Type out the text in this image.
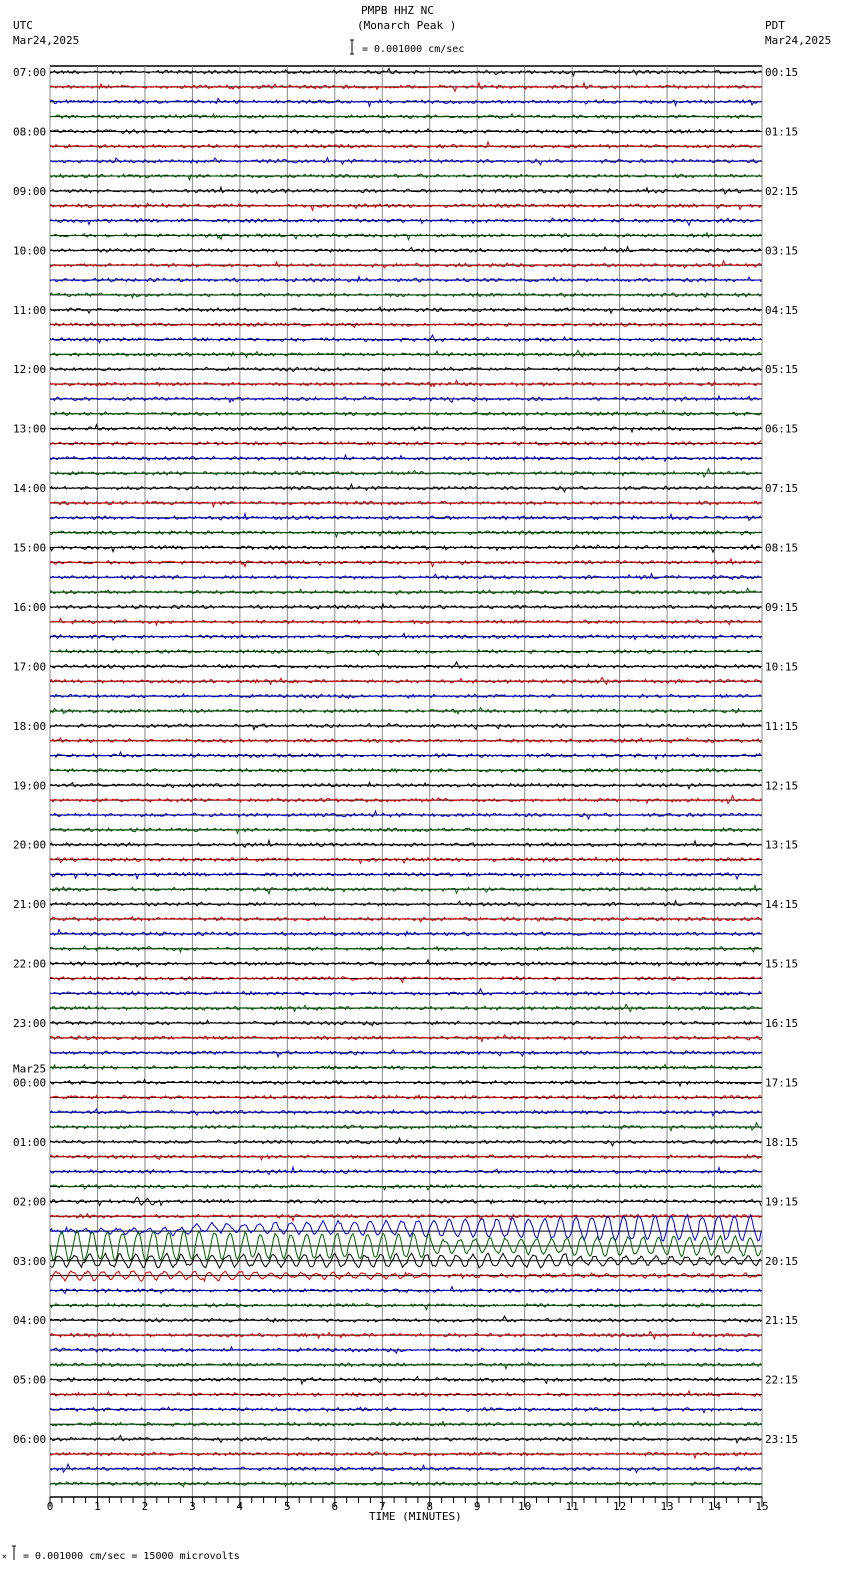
PMPB HHZ NC
(Monarch Peak )
UTC
Mar24,2025
PDT
Mar24,2025
= 0.001000 cm/sec
07:00
08:00
09:00
10:00
11:00
12:00
13:00
14:00
15:00
16:00
17:00
18:00
19:00
20:00
21:00
22:00
23:00
00:00
Mar25
01:00
02:00
03:00
04:00
05:00
06:00
00:15
01:15
02:15
03:15
04:15
05:15
06:15
07:15
08:15
09:15
10:15
11:15
12:15
13:15
14:15
15:15
16:15
17:15
18:15
19:15
20:15
21:15
22:15
23:15
0	1	2	3	4	5	6	7	8	9	10	11	12	13	14	15
TIME (MINUTES)
× = 0.001000 cm/sec = 15000 microvolts
